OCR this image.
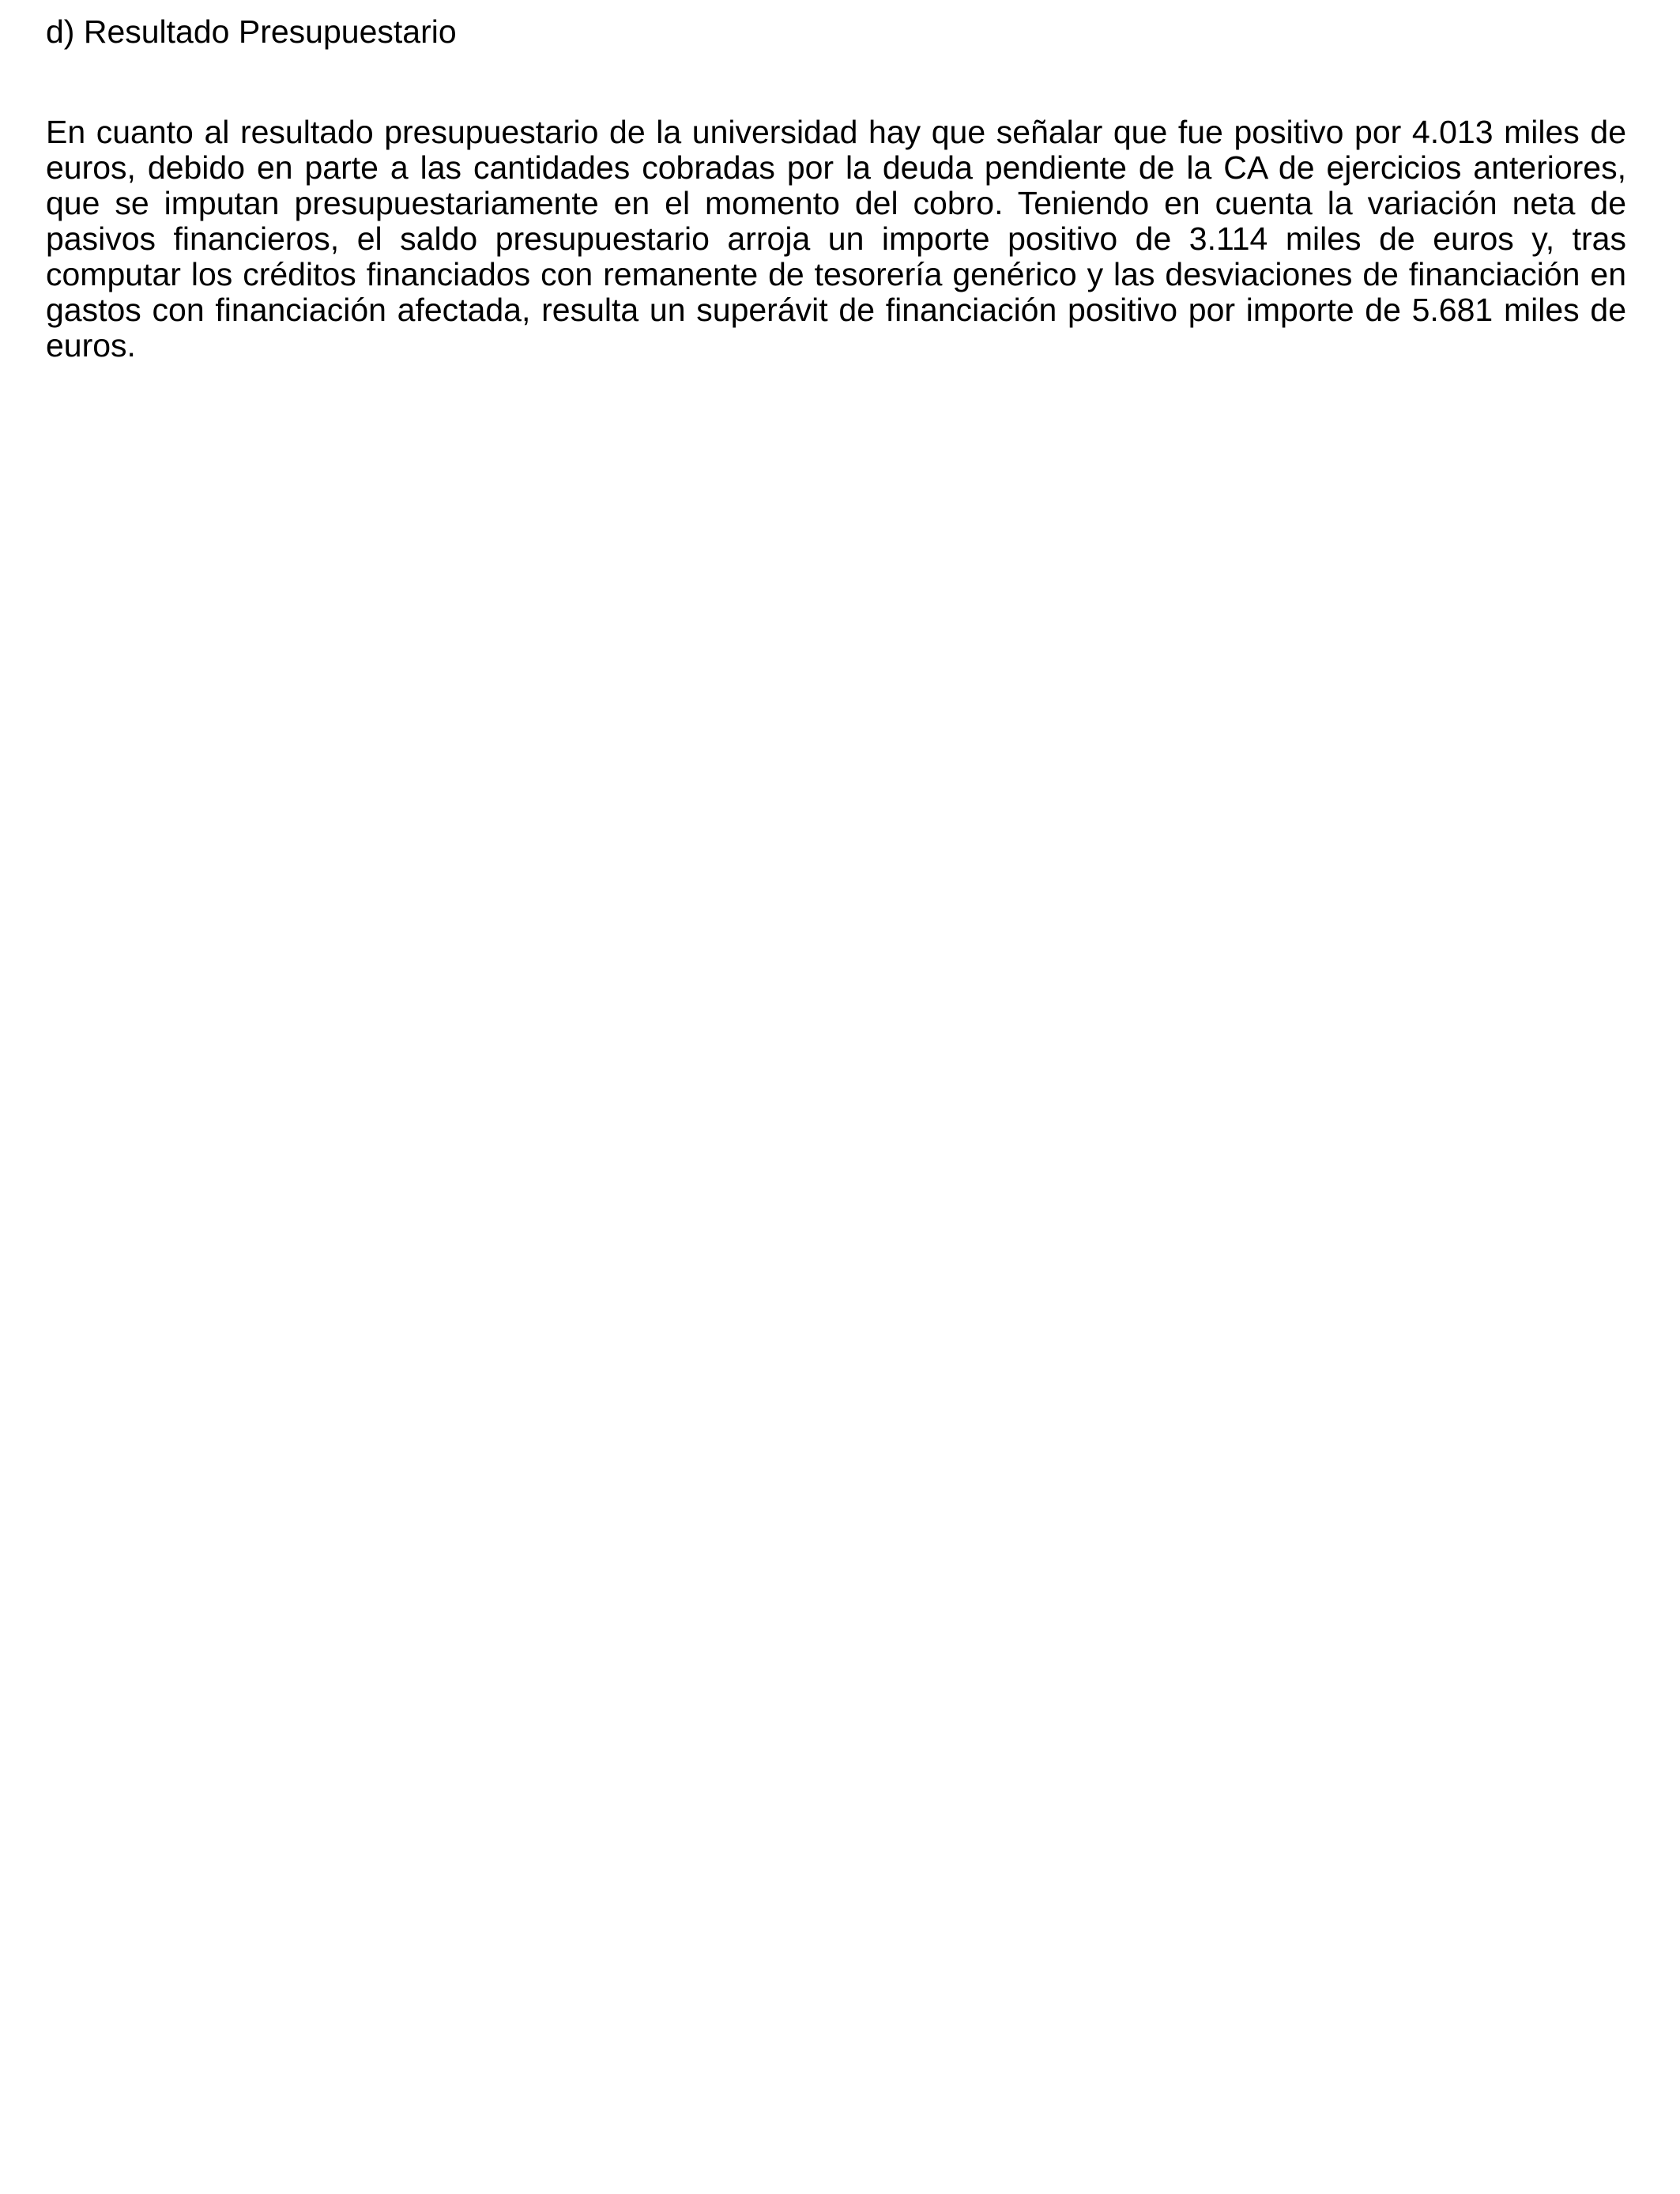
d) Resultado Presupuestario

En cuanto al resultado presupuestario de la universidad hay que señalar que fue positivo por 4.013 miles de euros, debido en parte a las cantidades cobradas por la deuda pendiente de la CA de ejercicios anteriores, que se imputan presupuestariamente en el momento del cobro. Teniendo en cuenta la variación neta de pasivos financieros, el saldo presupuestario arroja un importe positivo de 3.114 miles de euros y, tras computar los créditos financiados con remanente de tesorería genérico y las desviaciones de financiación en gastos con financiación afectada, resulta un superávit de financiación positivo por importe de 5.681 miles de euros.
